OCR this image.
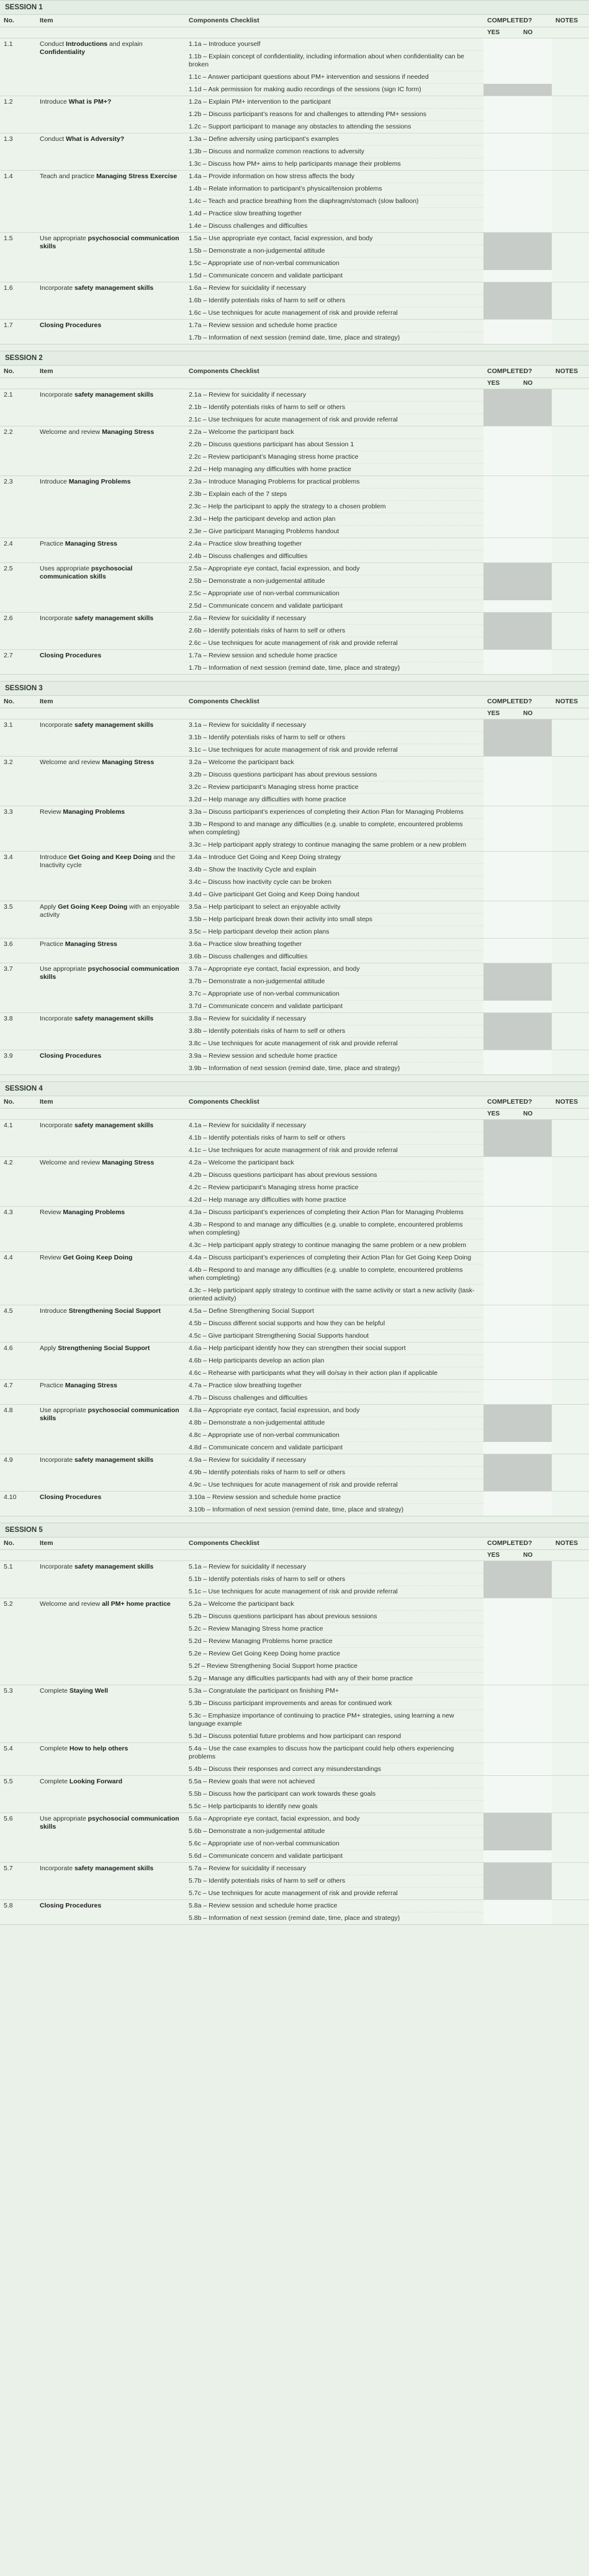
SESSION 1
No.	Item	Components Checklist	COMPLETED?		NOTES
			YES	NO	
1.1	Conduct Introductions and explain Confidentiality	1.1a – Introduce yourself			
		1.1b – Explain concept of confidentiality, including information about when confidentiality can be broken			
		1.1c – Answer participant questions about PM+ intervention and sessions if needed			
		1.1d – Ask permission for making audio recordings of the sessions (sign IC form)			
1.2	Introduce What is PM+?	1.2a – Explain PM+ intervention to the participant			
		1.2b – Discuss participant’s reasons for and challenges to attending PM+ sessions			
		1.2c – Support participant to manage any obstacles to attending the sessions			
1.3	Conduct What is Adversity?	1.3a – Define adversity using participant’s examples			
		1.3b – Discuss and normalize common reactions to adversity			
		1.3c – Discuss how PM+ aims to help participants manage their problems			
1.4	Teach and practice Managing Stress Exercise	1.4a – Provide information on how stress affects the body			
		1.4b – Relate information to participant’s physical/tension problems			
		1.4c – Teach and practice breathing from the diaphragm/stomach (slow balloon)			
		1.4d – Practice slow breathing together			
		1.4e – Discuss challenges and difficulties			
1.5	Use appropriate psychosocial communication skills	1.5a – Use appropriate eye contact, facial expression, and body			
		1.5b – Demonstrate a non-judgemental attitude			
		1.5c – Appropriate use of non-verbal communication			
		1.5d – Communicate concern and validate participant			
1.6	Incorporate safety management skills	1.6a – Review for suicidality if necessary			
		1.6b – Identify potentials risks of harm to self or others			
		1.6c – Use techniques for acute management of risk and provide referral			
1.7	Closing Procedures	1.7a – Review session and schedule home practice			
		1.7b – Information of next session (remind date, time, place and strategy)			
SESSION 2
No.	Item	Components Checklist	COMPLETED?		NOTES
			YES	NO	
2.1	Incorporate safety management skills	2.1a – Review for suicidality if necessary			
		2.1b – Identify potentials risks of harm to self or others			
		2.1c – Use techniques for acute management of risk and provide referral			
2.2	Welcome and review Managing Stress	2.2a – Welcome the participant back			
		2.2b – Discuss questions participant has about Session 1			
		2.2c – Review participant’s Managing stress home practice			
		2.2d – Help managing any difficulties with home practice			
2.3	Introduce Managing Problems	2.3a – Introduce Managing Problems for practical problems			
		2.3b – Explain each of the 7 steps			
		2.3c – Help the participant to apply the strategy to a chosen problem			
		2.3d – Help the participant develop and action plan			
		2.3e – Give participant Managing Problems handout			
2.4	Practice Managing Stress	2.4a – Practice slow breathing together			
		2.4b – Discuss challenges and difficulties			
2.5	Uses appropriate psychosocial communication skills	2.5a – Appropriate eye contact, facial expression, and body			
		2.5b – Demonstrate a non-judgemental attitude			
		2.5c – Appropriate use of non-verbal communication			
		2.5d – Communicate concern and validate participant			
2.6	Incorporate safety management skills	2.6a – Review for suicidality if necessary			
		2.6b – Identify potentials risks of harm to self or others			
		2.6c – Use techniques for acute management of risk and provide referral			
2.7	Closing Procedures	1.7a – Review session and schedule home practice			
		1.7b – Information of next session (remind date, time, place and strategy)			
SESSION 3
No.	Item	Components Checklist	COMPLETED?		NOTES
			YES	NO	
3.1	Incorporate safety management skills	3.1a – Review for suicidality if necessary			
		3.1b – Identify potentials risks of harm to self or others			
		3.1c – Use techniques for acute management of risk and provide referral			
3.2	Welcome and review Managing Stress	3.2a – Welcome the participant back			
		3.2b – Discuss questions participant has about previous sessions			
		3.2c – Review participant’s Managing stress home practice			
		3.2d – Help manage any difficulties with home practice			
3.3	Review Managing Problems	3.3a – Discuss participant’s experiences of completing their Action Plan for Managing Problems			
		3.3b – Respond to and manage any difficulties (e.g. unable to complete, encountered problems when completing)			
		3.3c – Help participant apply strategy to continue managing the same problem or a new problem			
3.4	Introduce Get Going and Keep Doing and the Inactivity cycle	3.4a – Introduce Get Going and Keep Doing strategy			
		3.4b – Show the Inactivity Cycle and explain			
		3.4c – Discuss how inactivity cycle can be broken			
		3.4d – Give participant Get Going and Keep Doing handout			
3.5	Apply Get Going Keep Doing with an enjoyable activity	3.5a – Help participant to select an enjoyable activity			
		3.5b – Help participant break down their activity into small steps			
		3.5c – Help participant develop their action plans			
3.6	Practice Managing Stress	3.6a – Practice slow breathing together			
		3.6b – Discuss challenges and difficulties			
3.7	Use appropriate psychosocial communication skills	3.7a – Appropriate eye contact, facial expression, and body			
		3.7b – Demonstrate a non-judgemental attitude			
		3.7c – Appropriate use of non-verbal communication			
		3.7d – Communicate concern and validate participant			
3.8	Incorporate safety management skills	3.8a – Review for suicidality if necessary			
		3.8b – Identify potentials risks of harm to self or others			
		3.8c – Use techniques for acute management of risk and provide referral			
3.9	Closing Procedures	3.9a – Review session and schedule home practice			
		3.9b – Information of next session (remind date, time, place and strategy)			
SESSION 4
No.	Item	Components Checklist	COMPLETED?		NOTES
			YES	NO	
4.1	Incorporate safety management skills	4.1a – Review for suicidality if necessary			
		4.1b – Identify potentials risks of harm to self or others			
		4.1c – Use techniques for acute management of risk and provide referral			
4.2	Welcome and review Managing Stress	4.2a – Welcome the participant back			
		4.2b – Discuss questions participant has about previous sessions			
		4.2c – Review participant’s Managing stress home practice			
		4.2d – Help manage any difficulties with home practice			
4.3	Review Managing Problems	4.3a – Discuss participant’s experiences of completing their Action Plan for Managing Problems			
		4.3b – Respond to and manage any difficulties (e.g. unable to complete, encountered problems when completing)			
		4.3c – Help participant apply strategy to continue managing the same problem or a new problem			
4.4	Review Get Going Keep Doing	4.4a – Discuss participant’s experiences of completing their Action Plan for Get Going Keep Doing			
		4.4b – Respond to and manage any difficulties (e.g. unable to complete, encountered problems when completing)			
		4.3c – Help participant apply strategy to continue with the same activity or start a new activity (task-oriented activity)			
4.5	Introduce Strengthening Social Support	4.5a – Define Strengthening Social Support			
		4.5b – Discuss different social supports and how they can be helpful			
		4.5c – Give participant Strengthening Social Supports handout			
4.6	Apply Strengthening Social Support	4.6a – Help participant identify how they can strengthen their social support			
		4.6b – Help participants develop an action plan			
		4.6c – Rehearse with participants what they will do/say in their action plan if applicable			
4.7	Practice Managing Stress	4.7a – Practice slow breathing together			
		4.7b – Discuss challenges and difficulties			
4.8	Use appropriate psychosocial communication skills	4.8a – Appropriate eye contact, facial expression, and body			
		4.8b – Demonstrate a non-judgemental attitude			
		4.8c – Appropriate use of non-verbal communication			
		4.8d – Communicate concern and validate participant			
4.9	Incorporate safety management skills	4.9a – Review for suicidality if necessary			
		4.9b – Identify potentials risks of harm to self or others			
		4.9c – Use techniques for acute management of risk and provide referral			
4.10	Closing Procedures	3.10a – Review session and schedule home practice			
		3.10b – Information of next session (remind date, time, place and strategy)			
SESSION 5
No.	Item	Components Checklist	COMPLETED?		NOTES
			YES	NO	
5.1	Incorporate safety management skills	5.1a – Review for suicidality if necessary			
		5.1b – Identify potentials risks of harm to self or others			
		5.1c – Use techniques for acute management of risk and provide referral			
5.2	Welcome and review all PM+ home practice	5.2a – Welcome the participant back			
		5.2b – Discuss questions participant has about previous sessions			
		5.2c – Review Managing Stress home practice			
		5.2d – Review Managing Problems home practice			
		5.2e – Review Get Going Keep Doing home practice			
		5.2f – Review Strengthening Social Support home practice			
		5.2g – Manage any difficulties participants had with any of their home practice			
5.3	Complete Staying Well	5.3a – Congratulate the participant on finishing PM+			
		5.3b – Discuss participant improvements and areas for continued work			
		5.3c – Emphasize importance of continuing to practice PM+ strategies, using learning a new language example			
		5.3d – Discuss potential future problems and how participant can respond			
5.4	Complete How to help others	5.4a – Use the case examples to discuss how the participant could help others experiencing problems			
		5.4b – Discuss their responses and correct any misunderstandings			
5.5	Complete Looking Forward	5.5a – Review goals that were not achieved			
		5.5b – Discuss how the participant can work towards these goals			
		5.5c – Help participants to identify new goals			
5.6	Use appropriate psychosocial communication skills	5.6a – Appropriate eye contact, facial expression, and body			
		5.6b – Demonstrate a non-judgemental attitude			
		5.6c – Appropriate use of non-verbal communication			
		5.6d – Communicate concern and validate participant			
5.7	Incorporate safety management skills	5.7a – Review for suicidality if necessary			
		5.7b – Identify potentials risks of harm to self or others			
		5.7c – Use techniques for acute management of risk and provide referral			
5.8	Closing Procedures	5.8a – Review session and schedule home practice			
		5.8b – Information of next session (remind date, time, place and strategy)			
